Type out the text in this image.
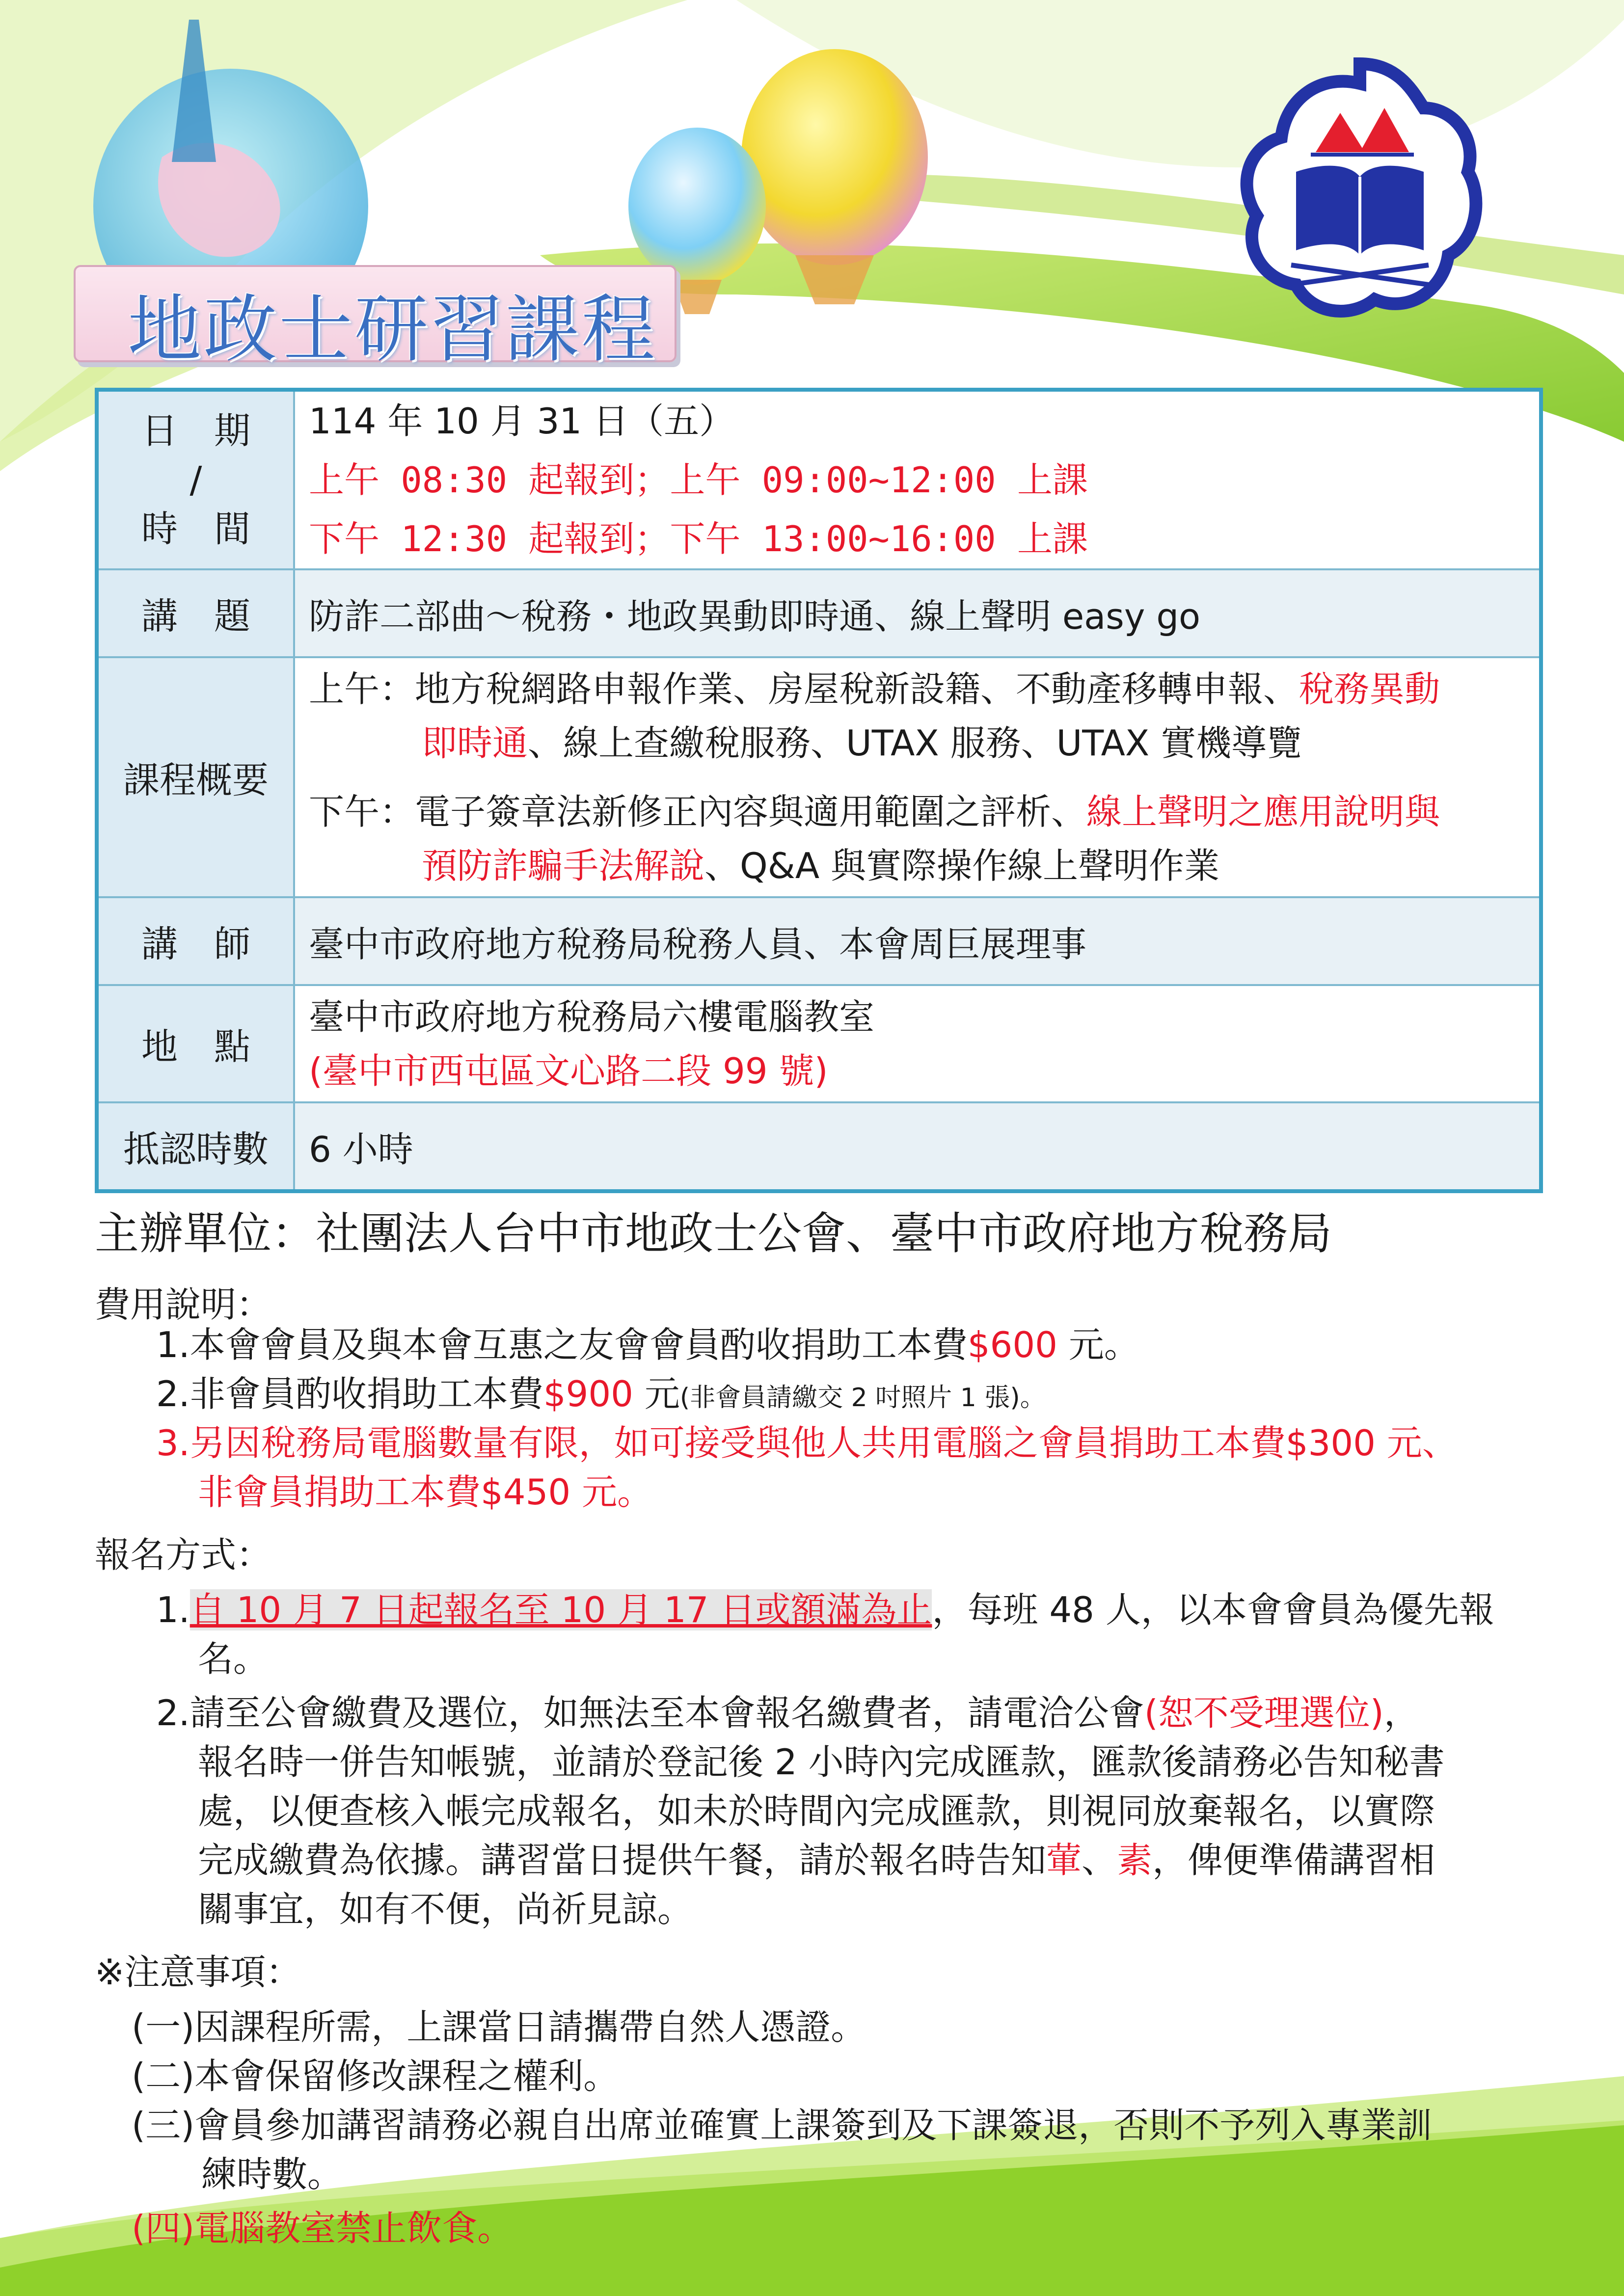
地政士研習課程
日　期
/
時　間	114 年 10 月 31 日（五）
上午 08:30 起報到；上午 09:00~12:00 上課
下午 12:30 起報到；下午 13:00~16:00 上課

講　題	防詐二部曲～稅務・地政異動即時通、線上聲明 easy go
課程概要	上午：地方稅網路申報作業、房屋稅新設籍、不動產移轉申報、稅務異動
即時通、線上查繳稅服務、UTAX 服務、UTAX 實機導覽
下午：電子簽章法新修正內容與適用範圍之評析、線上聲明之應用說明與
預防詐騙手法解說、Q&A 與實際操作線上聲明作業

講　師	臺中市政府地方稅務局稅務人員、本會周巨展理事
地　點	臺中市政府地方稅務局六樓電腦教室
(臺中市西屯區文心路二段 99 號)

抵認時數	6 小時
主辦單位：社團法人台中市地政士公會、臺中市政府地方稅務局
費用說明：
1.本會會員及與本會互惠之友會會員酌收捐助工本費$600 元。
2.非會員酌收捐助工本費$900 元(非會員請繳交 2 吋照片 1 張)。
3.另因稅務局電腦數量有限，如可接受與他人共用電腦之會員捐助工本費$300 元、
非會員捐助工本費$450 元。
報名方式：
1.自 10 月 7 日起報名至 10 月 17 日或額滿為止，每班 48 人，以本會會員為優先報
名。
2.請至公會繳費及選位，如無法至本會報名繳費者，請電洽公會(恕不受理選位)，
報名時一併告知帳號，並請於登記後 2 小時內完成匯款，匯款後請務必告知秘書
處，以便查核入帳完成報名，如未於時間內完成匯款，則視同放棄報名，以實際
完成繳費為依據。講習當日提供午餐，請於報名時告知葷、素，俾便準備講習相
關事宜，如有不便，尚祈見諒。
※注意事項：
(一)因課程所需，上課當日請攜帶自然人憑證。
(二)本會保留修改課程之權利。
(三)會員參加講習請務必親自出席並確實上課簽到及下課簽退，否則不予列入專業訓
練時數。
(四)電腦教室禁止飲食。
